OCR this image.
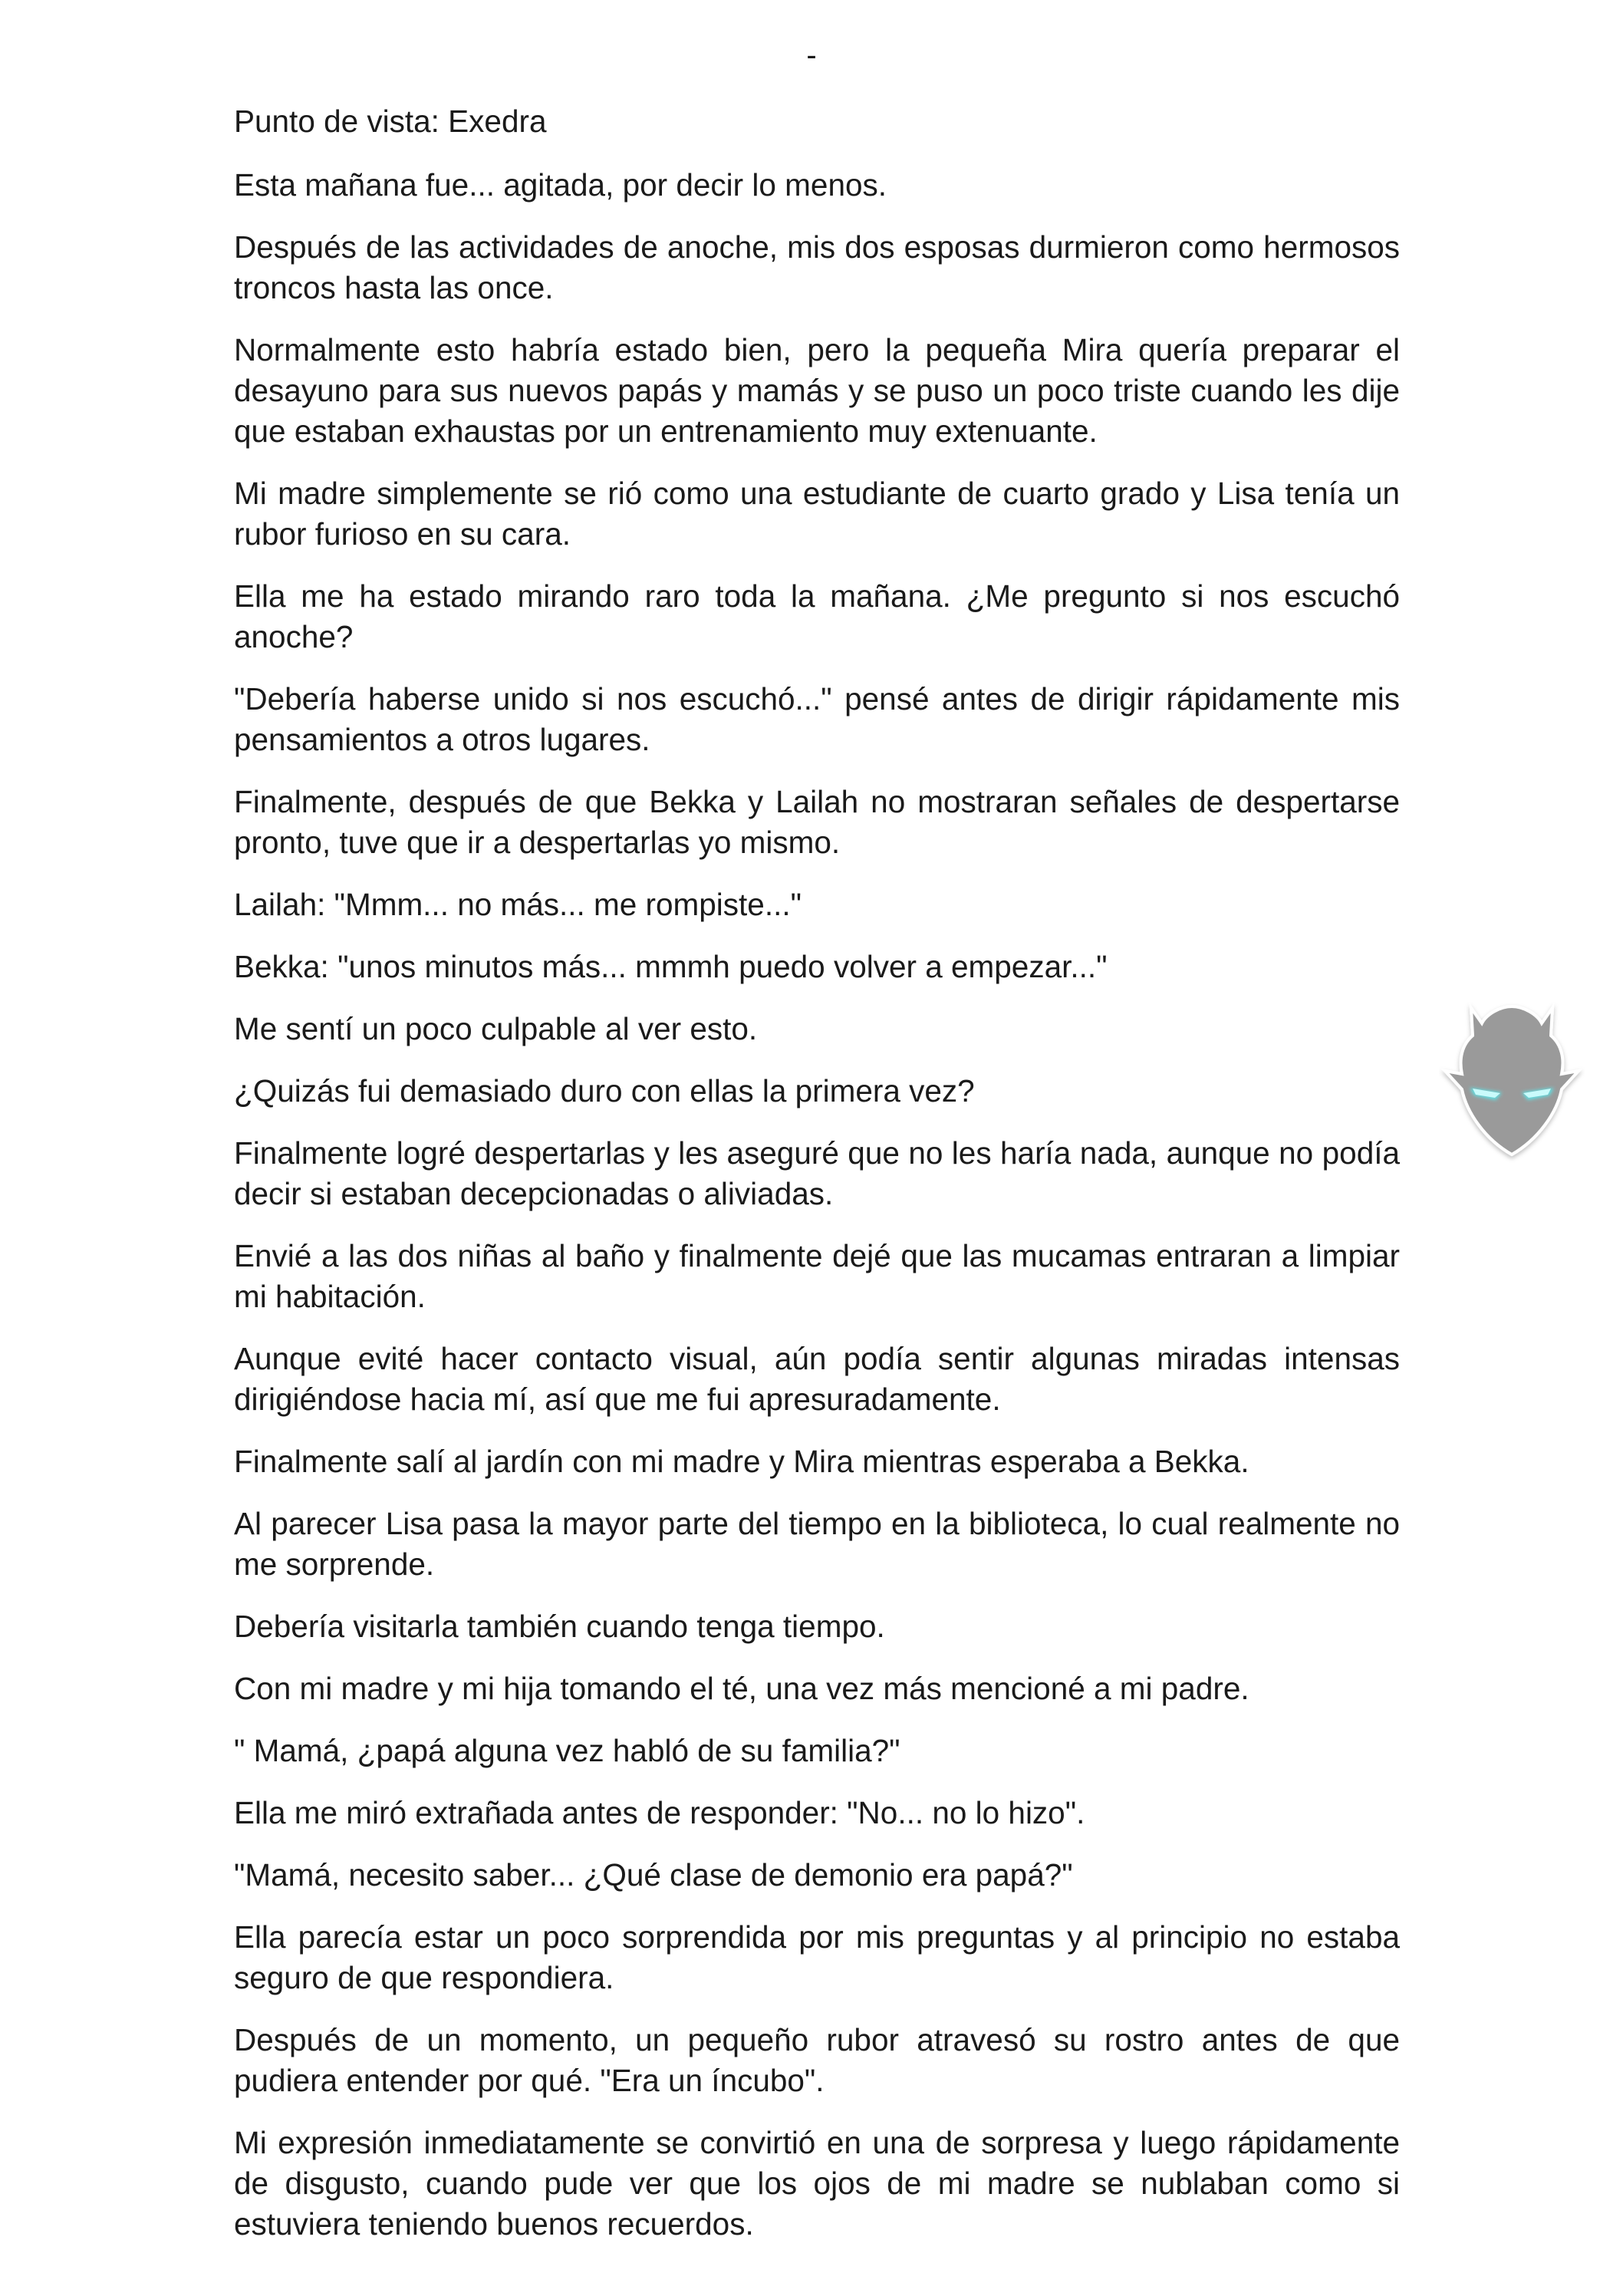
-

Punto de vista: Exedra

Esta mañana fue... agitada, por decir lo menos.

Después de las actividades de anoche, mis dos esposas durmieron como hermosos troncos hasta las once.

Normalmente esto habría estado bien, pero la pequeña Mira quería preparar el desayuno para sus nuevos papás y mamás y se puso un poco triste cuando les dije que estaban exhaustas por un entrenamiento muy extenuante.

Mi madre simplemente se rió como una estudiante de cuarto grado y Lisa tenía un rubor furioso en su cara.

Ella me ha estado mirando raro toda la mañana. ¿Me pregunto si nos escuchó anoche?

"Debería haberse unido si nos escuchó..." pensé antes de dirigir rápidamente mis pensamientos a otros lugares.

Finalmente, después de que Bekka y Lailah no mostraran señales de despertarse pronto, tuve que ir a despertarlas yo mismo.

Lailah: "Mmm... no más... me rompiste..."

Bekka: "unos minutos más... mmmh puedo volver a empezar..."

Me sentí un poco culpable al ver esto.

¿Quizás fui demasiado duro con ellas la primera vez?

Finalmente logré despertarlas y les aseguré que no les haría nada, aunque no podía decir si estaban decepcionadas o aliviadas.

Envié a las dos niñas al baño y finalmente dejé que las mucamas entraran a limpiar mi habitación.

Aunque evité hacer contacto visual, aún podía sentir algunas miradas intensas dirigiéndose hacia mí, así que me fui apresuradamente.

Finalmente salí al jardín con mi madre y Mira mientras esperaba a Bekka.

Al parecer Lisa pasa la mayor parte del tiempo en la biblioteca, lo cual realmente no me sorprende.

Debería visitarla también cuando tenga tiempo.

Con mi madre y mi hija tomando el té, una vez más mencioné a mi padre.

" Mamá, ¿papá alguna vez habló de su familia?"

Ella me miró extrañada antes de responder: "No... no lo hizo".

"Mamá, necesito saber... ¿Qué clase de demonio era papá?"

Ella parecía estar un poco sorprendida por mis preguntas y al principio no estaba seguro de que respondiera.

Después de un momento, un pequeño rubor atravesó su rostro antes de que pudiera entender por qué. "Era un íncubo".

Mi expresión inmediatamente se convirtió en una de sorpresa y luego rápidamente de disgusto, cuando pude ver que los ojos de mi madre se nublaban como si estuviera teniendo buenos recuerdos.
